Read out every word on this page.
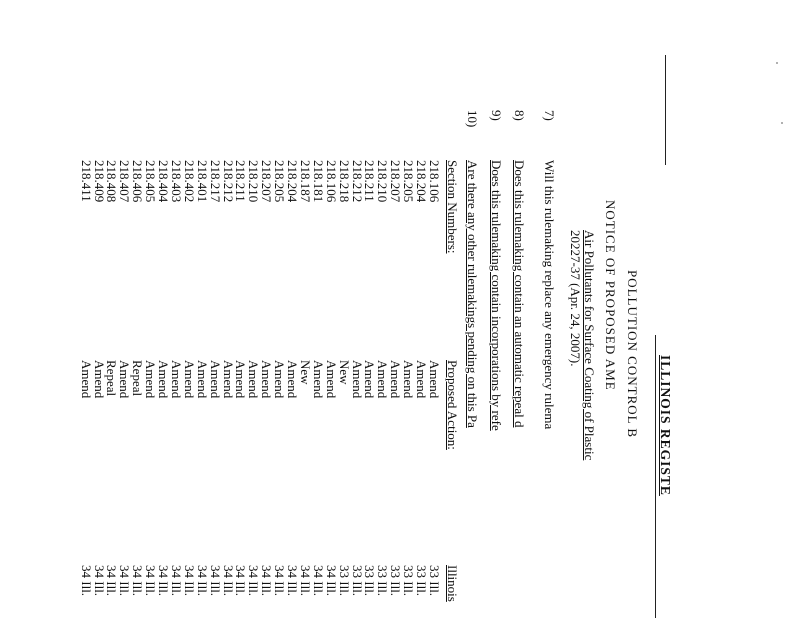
ILLINOIS REGISTE
POLLUTION CONTROL B
NOTICE OF PROPOSED AME
Air Pollutants for Surface Coating of Plastic
20227-37 (Apr. 24, 2007).
7)
Will this rulemaking replace any emergency rulema
8)
Does this rulemaking contain an automatic repeal d
9)
Does this rulemaking contain incorporations by refe
10)
Are there any other rulemakings pending on this Pa
Section Numbers:
Proposed Action:
Illinois
218.106
Amend
33 Ill.
218.204
Amend
33 Ill.
218.205
Amend
33 Ill.
218.207
Amend
33 Ill.
218.210
Amend
33 Ill.
218.211
Amend
33 Ill.
218.212
Amend
33 Ill.
218.218
New
33 Ill.
218.106
Amend
34 Ill.
218.181
Amend
34 Ill.
218.187
New
34 Ill.
218.204
Amend
34 Ill.
218.205
Amend
34 Ill.
218.207
Amend
34 Ill.
218.210
Amend
34 Ill.
218.211
Amend
34 Ill.
218.212
Amend
34 Ill.
218.217
Amend
34 Ill.
218.401
Amend
34 Ill.
218.402
Amend
34 Ill.
218.403
Amend
34 Ill.
218.404
Amend
34 Ill.
218.405
Amend
34 Ill.
218.406
Repeal
34 Ill.
218.407
Amend
34 Ill.
218.408
Repeal
34 Ill.
218.409
Amend
34 Ill.
218.411
Amend
34 Ill.
